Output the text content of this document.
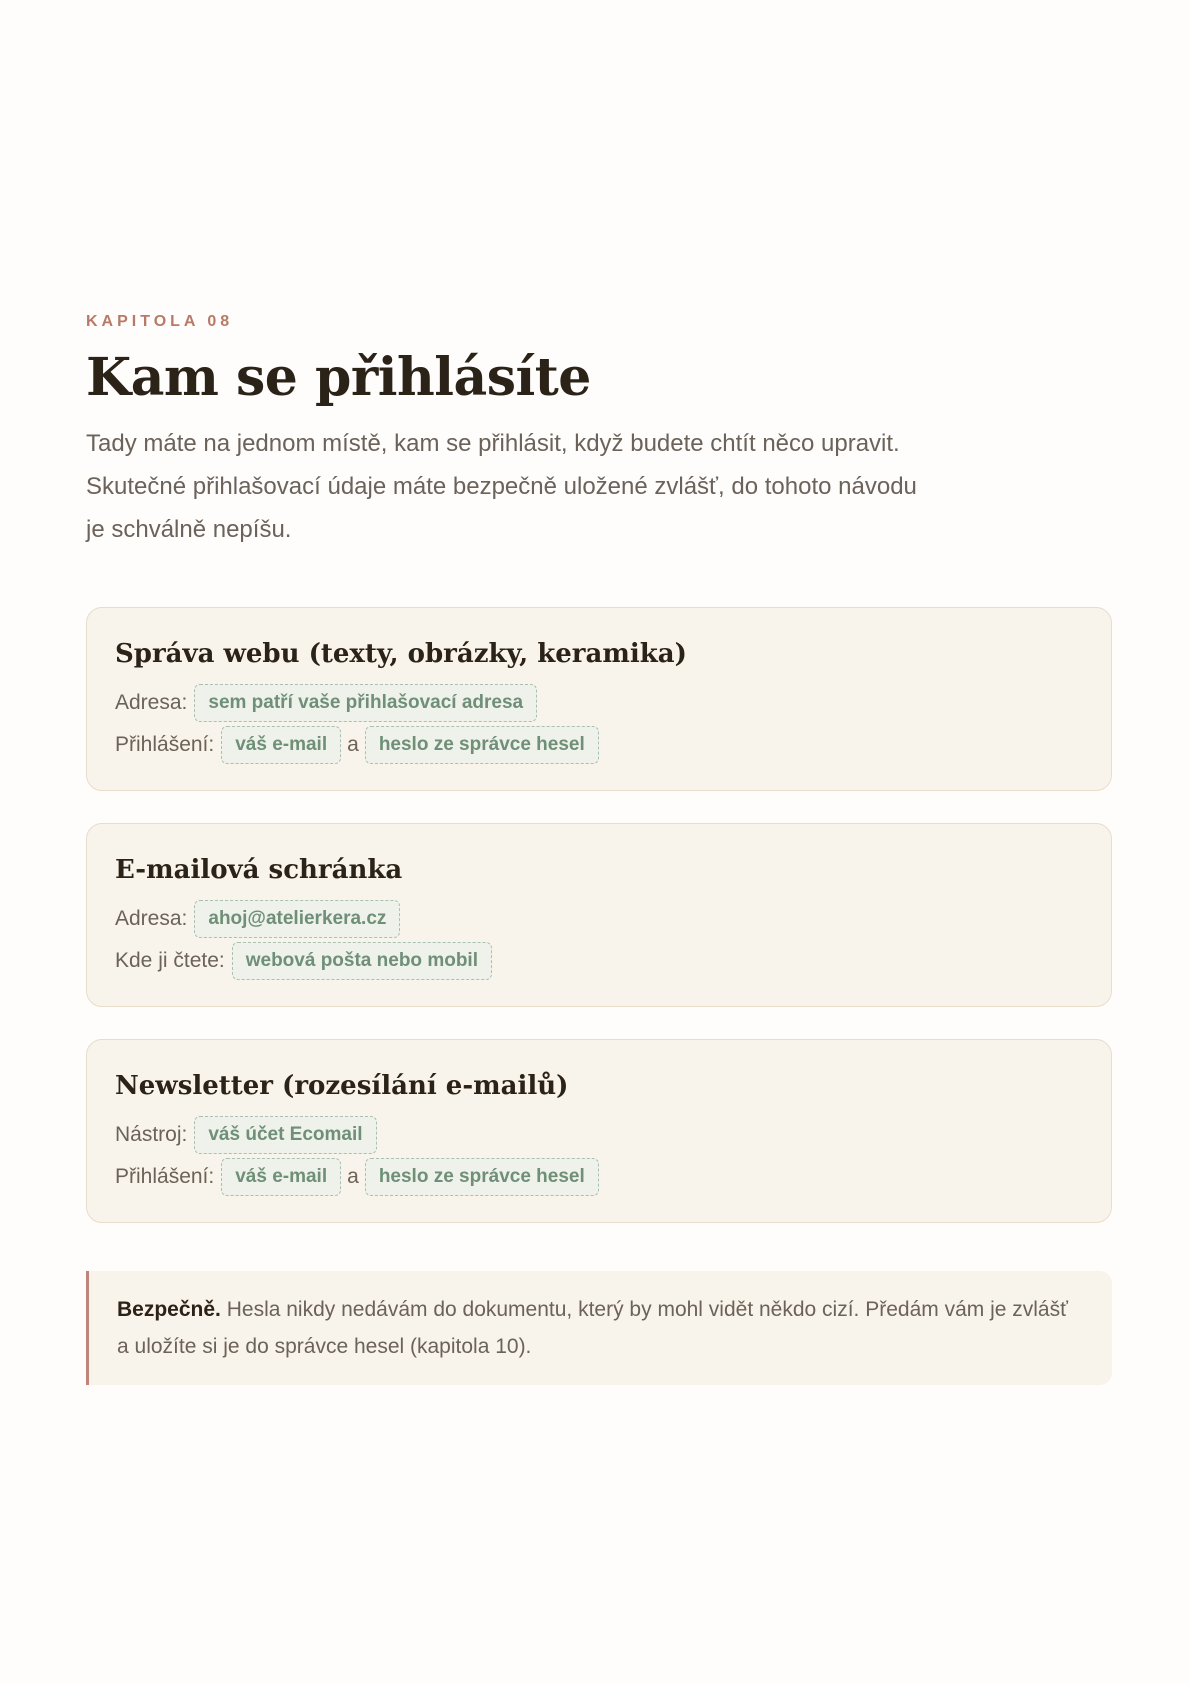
KAPITOLA 08
Kam se přihlásíte

Tady máte na jednom místě, kam se přihlásit, když budete chtít něco upravit. Skutečné přihlašovací údaje máte bezpečně uložené zvlášť, do tohoto návodu je schválně nepíšu.

Správa webu (texty, obrázky, keramika)
Adresa:	sem patří vaše přihlašovací adresa
Přihlášení:	váš e-mail a	heslo ze správce hesel
E-mailová schránka
Adresa:	ahoj@atelierkera.cz
Kde ji čtete:	webová pošta nebo mobil
Newsletter (rozesílání e-mailů)
Nástroj:	váš účet Ecomail
Přihlášení:	váš e-mail a	heslo ze správce hesel
Bezpečně. Hesla nikdy nedávám do dokumentu, který by mohl vidět někdo cizí. Předám vám je zvlášť a uložíte si je do správce hesel (kapitola 10).
